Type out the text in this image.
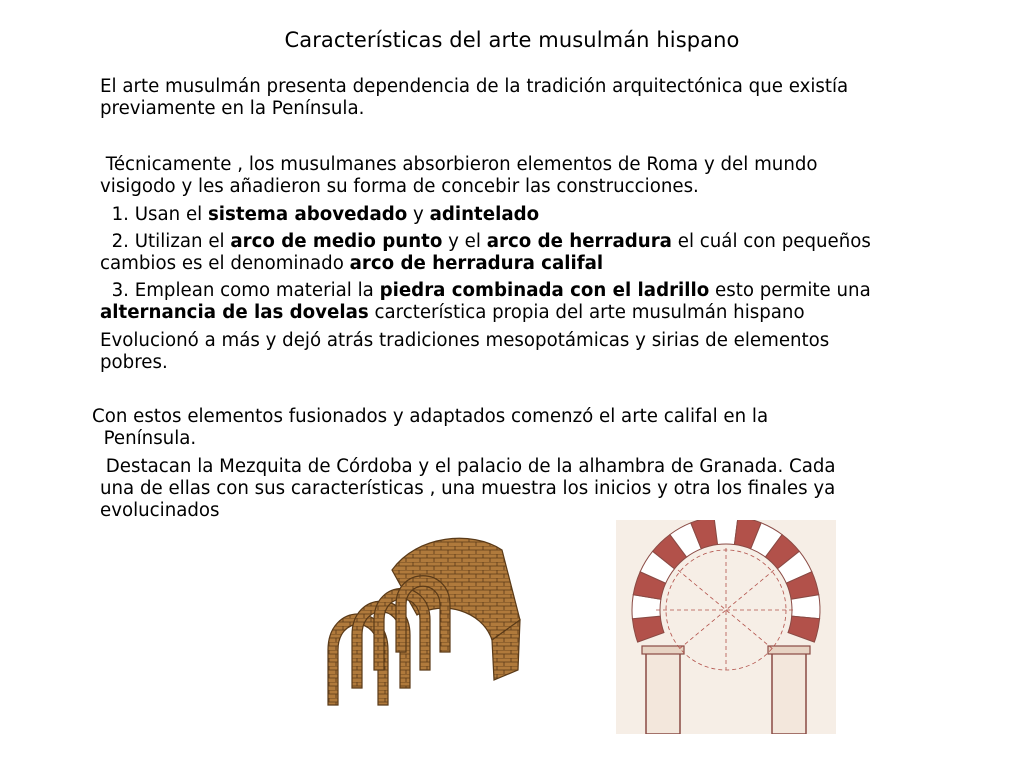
Características del arte musulmán hispano

El arte musulmán presenta dependencia de la tradición arquitectónica que existía
previamente en la Península.

Técnicamente , los musulmanes absorbieron elementos de Roma y del mundo
visigodo y les añadieron su forma de concebir las construcciones.

1. Usan el sistema abovedado y adintelado

2. Utilizan el arco de medio punto y el arco de herradura el cuál con pequeños
cambios es el denominado arco de herradura califal

3. Emplean como material la piedra combinada con el ladrillo esto permite una
alternancia de las dovelas carcterística propia del arte musulmán hispano

Evolucionó a más y dejó atrás tradiciones mesopotámicas y sirias de elementos
pobres.

Con estos elementos fusionados y adaptados comenzó el arte califal en la
Península.

Destacan la Mezquita de Córdoba y el palacio de la alhambra de Granada. Cada
una de ellas con sus características , una muestra los inicios y otra los finales ya
evolucinados
